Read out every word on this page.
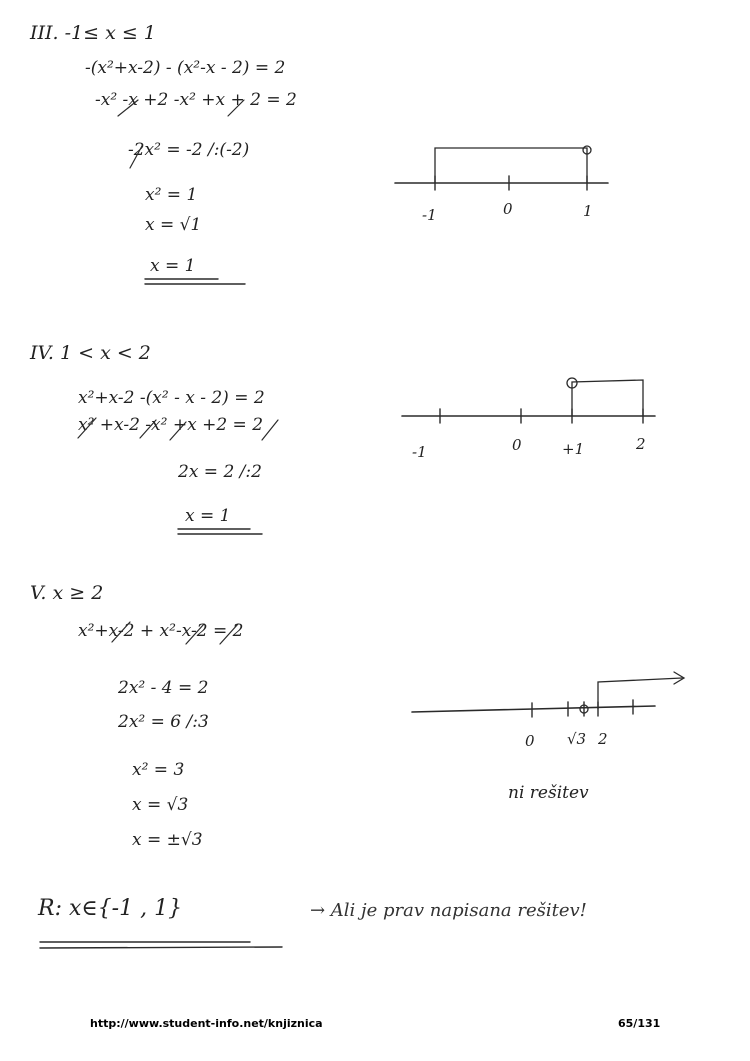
III. -1≤ x ≤ 1
-(x²+x-2) - (x²-x - 2) = 2
-x² -x +2 -x² +x + 2 = 2
-2x² = -2 /:(-2)
x² = 1
x = √1
x = 1
-1	0	1
IV. 1 < x < 2
x²+x-2 -(x² - x - 2) = 2
x² +x-2 -x² +x +2 = 2
2x = 2 /:2
x = 1
-1	0	+1	2
V. x ≥ 2
x²+x-2 + x²-x-2 = 2
2x² - 4 = 2
2x² = 6 /:3
x² = 3
x = √3
x = ±√3
0 √3 2
ni rešitev
R: x∈{-1 , 1}	→ Ali je prav napisana rešitev!
http://www.student-info.net/knjiznica	65/131
